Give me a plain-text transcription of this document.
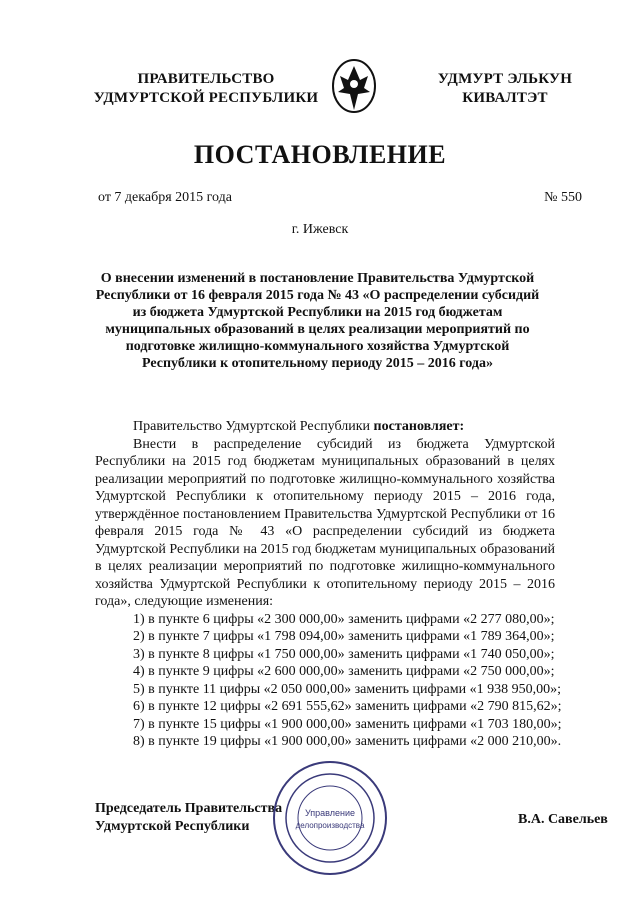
ПРАВИТЕЛЬСТВО
УДМУРТСКОЙ РЕСПУБЛИКИ
УДМУРТ ЭЛЬКУН
КИВАЛТЭТ
ПОСТАНОВЛЕНИЕ
от 7 декабря 2015 года	№ 550
г. Ижевск
О внесении изменений в постановление Правительства Удмуртской Республики от 16 февраля 2015 года № 43 «О распределении субсидий из бюджета Удмуртской Республики на 2015 год бюджетам муниципальных образований в целях реализации мероприятий по подготовке жилищно-коммунального хозяйства Удмуртской Республики к отопительному периоду 2015 – 2016 года»

Правительство Удмуртской Республики постановляет:

Внести в распределение субсидий из бюджета Удмуртской Республики на 2015 год бюджетам муниципальных образований в целях реализации мероприятий по подготовке жилищно-коммунального хозяйства Удмуртской Республики к отопительному периоду 2015 – 2016 года, утверждённое постановлением Правительства Удмуртской Республики от 16 февраля 2015 года № 43 «О распределении субсидий из бюджета Удмуртской Республики на 2015 год бюджетам муниципальных образований в целях реализации мероприятий по подготовке жилищно-коммунального хозяйства Удмуртской Республики к отопительному периоду 2015 – 2016 года», следующие изменения:

1) в пункте 6 цифры «2 300 000,00» заменить цифрами «2 277 080,00»;
2) в пункте 7 цифры «1 798 094,00» заменить цифрами «1 789 364,00»;
3) в пункте 8 цифры «1 750 000,00» заменить цифрами «1 740 050,00»;
4) в пункте 9 цифры «2 600 000,00» заменить цифрами «2 750 000,00»;
5) в пункте 11 цифры «2 050 000,00» заменить цифрами «1 938 950,00»;
6) в пункте 12 цифры «2 691 555,62» заменить цифрами «2 790 815,62»;
7) в пункте 15 цифры «1 900 000,00» заменить цифрами «1 703 180,00»;
8) в пункте 19 цифры «1 900 000,00» заменить цифрами «2 000 210,00».
Председатель Правительства
Удмуртской Республики
Управление
делопроизводства	В.А. Савельев
